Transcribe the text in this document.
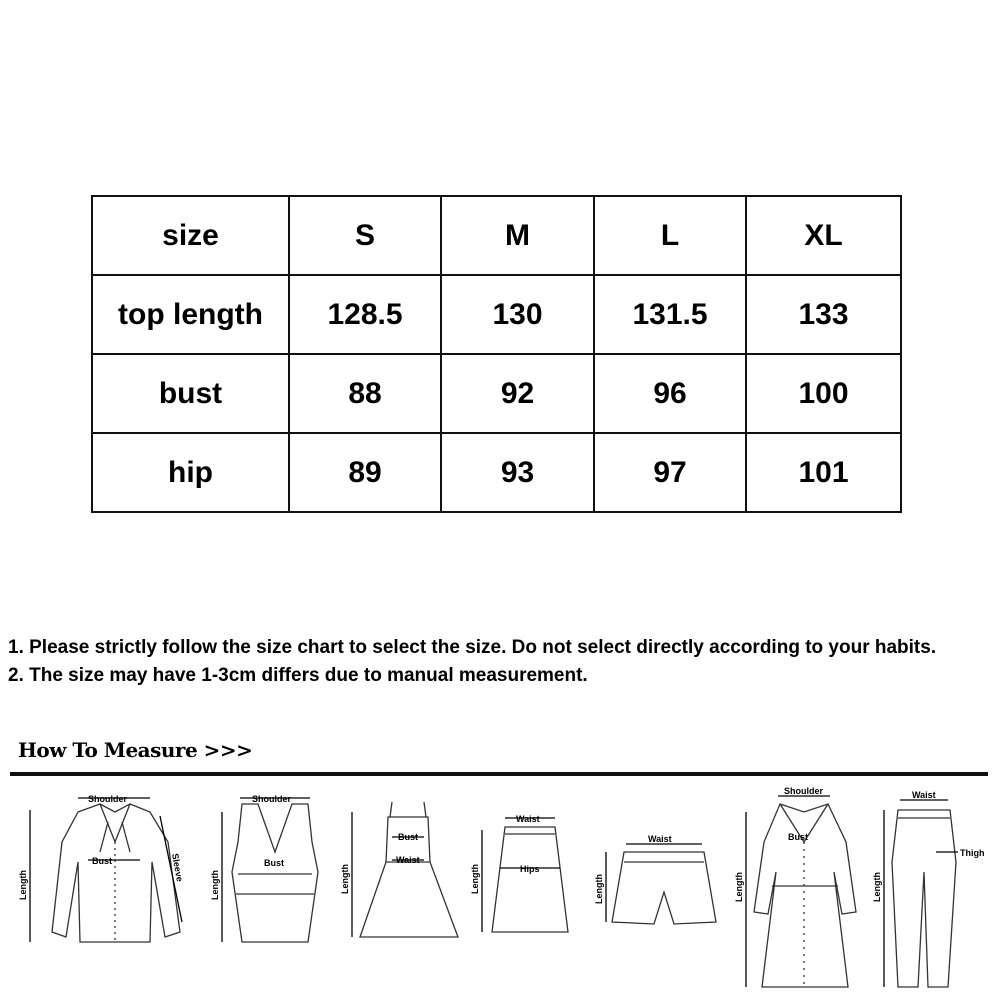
size	S	M	L	XL
top length	128.5	130	131.5	133
bust	88	92	96	100
hip	89	93	97	101

1. Please strictly follow the size chart to select the size. Do not select directly according to your habits.

2. The size may have 1-3cm differs due to manual measurement.

How To Measure >>>
Shoulder
Bust
Length
Sleeve
Shoulder
Bust
Length
Bust
Waist
Length
Waist
Hips
Length
Waist
Length
Shoulder
Bust
Length
Waist
Thigh
Length
